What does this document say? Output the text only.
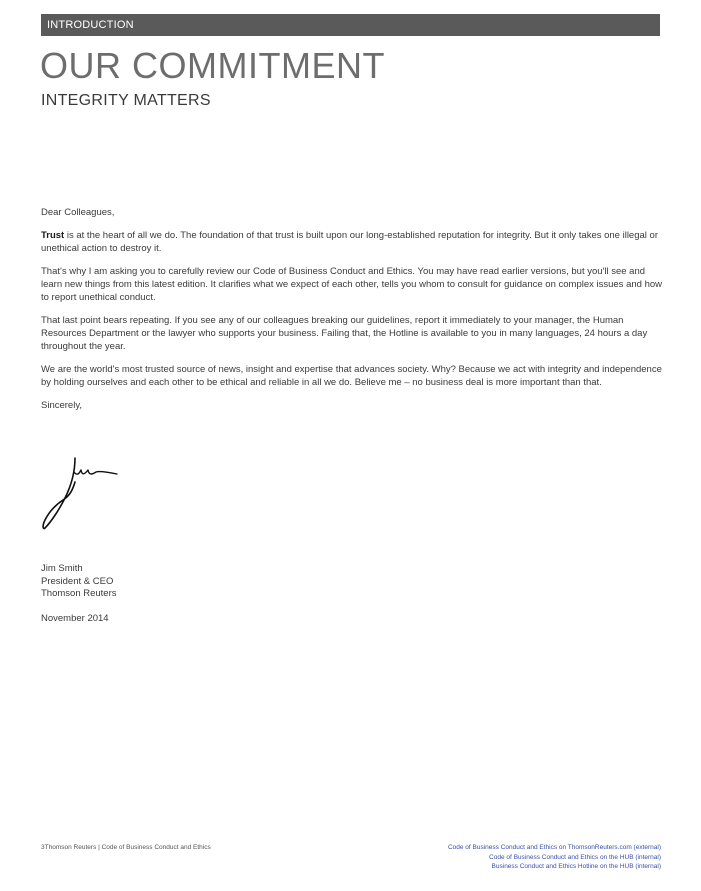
INTRODUCTION
OUR COMMITMENT
INTEGRITY MATTERS

Dear Colleagues,

Trust is at the heart of all we do. The foundation of that trust is built upon our long-established reputation for integrity. But it only takes one illegal or unethical action to destroy it.

That's why I am asking you to carefully review our Code of Business Conduct and Ethics. You may have read earlier versions, but you'll see and learn new things from this latest edition. It clarifies what we expect of each other, tells you whom to consult for guidance on complex issues and how to report unethical conduct.

That last point bears repeating. If you see any of our colleagues breaking our guidelines, report it immediately to your manager, the Human Resources Department or the lawyer who supports your business. Failing that, the Hotline is available to you in many languages, 24 hours a day throughout the year.

We are the world's most trusted source of news, insight and expertise that advances society. Why? Because we act with integrity and independence by holding ourselves and each other to be ethical and reliable in all we do. Believe me – no business deal is more important than that.

Sincerely,

Jim Smith
President & CEO
Thomson Reuters
November 2014
3Thomson Reuters | Code of Business Conduct and Ethics	Code of Business Conduct and Ethics on ThomsonReuters.com (external)
Code of Business Conduct and Ethics on the HUB (internal)
Business Conduct and Ethics Hotline on the HUB (internal)
